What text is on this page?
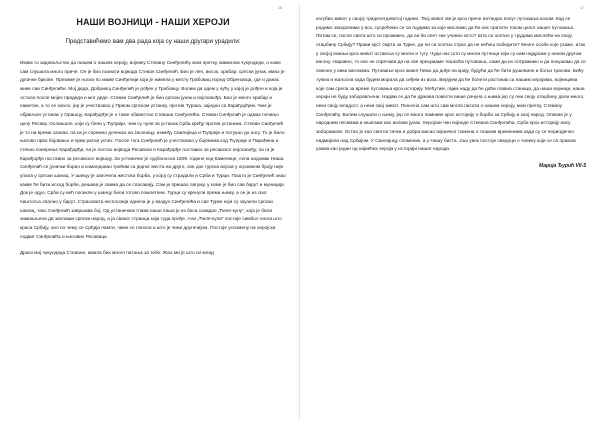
16
НАШИ ВОЈНИЦИ - НАШИ ХЕРОЈИ
Представићемо вам два рада која су наши другари урадили:

Имам то задовољство да пишем о нашем хероју, војнику Стевану Синђелићу мом претку, мамином чукундеди, о коме сам слушала много приче. Он је био познати војвода Стеван Синђелић. Био је леп, висок, храбар, српски јунак, имао је дугачке бркове. Презиме је носио по мами Синђелији која је живела у месту Грабовац поред Обреновца, где и данас живе сви Синђелићи. Мој деда, Добривој Синђелић је рођен у Грабовцу. Волим да одем у кућу у којој је рођен и која је остала после мојих прадеда и мог деде. Стеван Синђелић је био српски јунак и војсковођа. Био је много храбар и паметан, а то се знало, јер је учествовао у Првом српском устанку, против Турака, заједно са Карађорђем. Чим је објављен устанак у Орашцу, Карађорђе је о томе обавестио Стевана Синђелића. Стеван Синђелић је одмах почињо целу Ресаву. Ослањале, који су били у Ћуприји, чим су чули за устанак Срба кређу против устаника. Стеван Синђелић је то на време сазнао, па их је спремно дочекао на Јасеницу, између Свилајнца и Ћуприје и потукао до ногу. То је било његово прво бојовање и први ратни успех. После тога Синђелић је учествовао у бојевима код Ћуприје и Параћина и стекао поверење Карађорђа, па је постао војвода Ресавски и Карађорђе поставио за ресавског војсковођу, па га је Карађорђе поставио за ресавског војводу. За устаничке је судбоносна 1809. године код Каменице, села надомак Ниша. Синђелић се јуначки борио и командовао трећим са једног места на друго, све док турска војска у огромном броју није упала у српски шанац. У шанцу је започела жестока борба, у којој су страдали и Срби и Турци. Пошто је Синђелић знао какве ће бити исход борбе, решава је свима да се спасавају. Сам је пришао лагуму, у коме је био сав барут и муниција. Док је одуо, Срби су већ посекли у шанцу били готово помлетени. Турци су кренули према њему, а он је из свог пиштоља опалио у барут. Страховита експлозија однела је у ваздух Синђелића и све Турке који су заузели српски шанац, тако Синђелић завршава бој. Од устаничких глава наши паша је из беса сазидао „Ћеле-кулу“, која је била замишљена да заплаши српски народ, а ја сваког странца који туда прође. Али „Ћеле-кула“ постаје симбол онога што краси Србију, оно по чему се Срђија памти, чиме се поноси и што је чини другачијом. Постоје успомену на херојски подвиг Синђелића и његових Ресаваца.

Драги мој чукундеда Стеване, имала бих много питања за тебе. Жао ми је што си млад

17

изгубио живот у својој тридесетдеветој години. Твој живот ми је кроз приче изгледао попут путовања возом. Кад се родимо закорачимо у воз, сусрећемо се са људима за које мислимо да ће нас пратити током целог нашег путовања. Питам се, после света што си проживео, да ли би опет све учинио исто? Шта си осетио у трудама мислећи на своју отаџбину Србију? Прави крст смрти за Турке, да ли си осетио страх да не нећеш победити? Многе особе које узаже, итак у својој вожњи кроз живот оставља су многи и тугу. Чуди нас што су многи путници који су нам најдражи у неком другом вагону. Наравно, то нас не спречава да на све прекумаме тешкоћа путовања, сами да их потражимо и да покушамо да се смеоно у вики вагонима. Путовање кроз живот ћемо да дође на крају, будући да ће бити рушевине и бољи трагови. Бићу тужна и жалосна када будем морала да сиђем из воза. Верујем да ће болети растанак са нашим херојима, војницима које сам срела за време путовања кроз историју. Мећутим, гајим наду да ће доћи главна станица, да наши војници, наши хероји не буду заборављени. Надам се да ће држава повести више рачуна о њима јер су они своју отаџбину дали много, неки своју младост, а неки свој живот. Поносна сам што сам могла писати о нашем хероју, мом претку, Стевану Синђелићу. Волим слушати о њему, јер се много памниве крос историју о борби за Србију и свој народ. Опеван је у народним песмама и књигама као велики јунак. Херојски чин војводе Стевана Синђелића, Срби кроз историју нису заборавили. Остао је као светла тачка и добра мисао војничког помена о тешким временима када су се периодично надмијала над Србијом. У Свилајнцу споменик, а у Нишу биста. Још увек постоје сведоци о човеку који се са правом узима као један од највећих хероја у историји нашег народа.

Марија Ђурић VII-5
